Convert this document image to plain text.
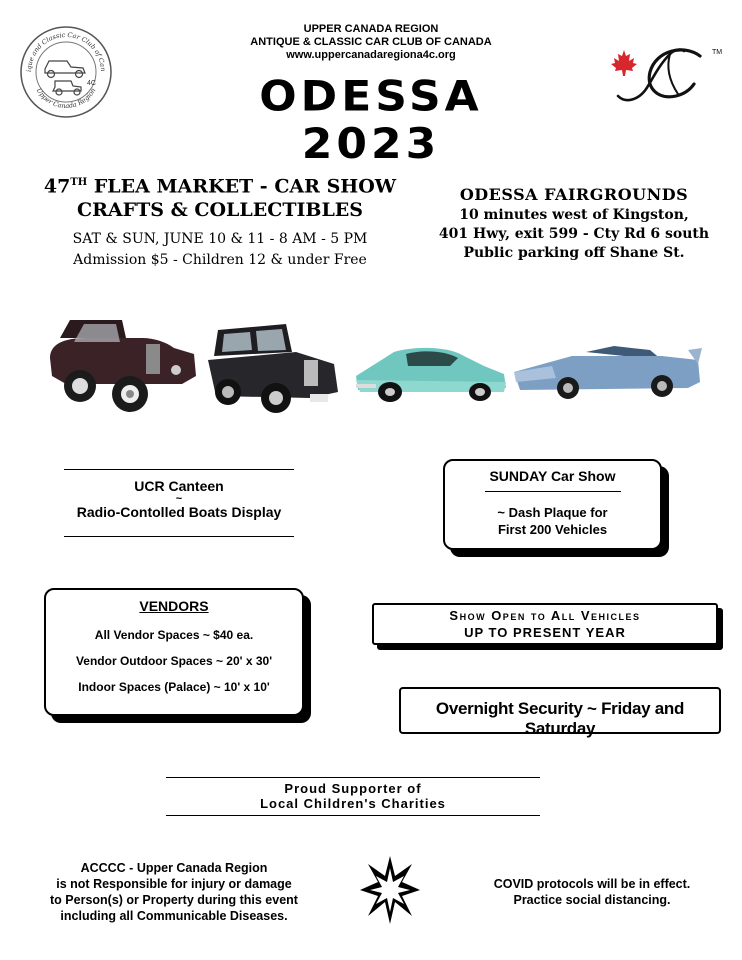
ique and Classic Car Club of Can
Upper Canada Region
4C
UPPER CANADA REGION
ANTIQUE & CLASSIC CAR CLUB OF CANADA
www.uppercanadaregiona4c.org
ODESSA 2023
TM
47TH FLEA MARKET - CAR SHOW
CRAFTS & COLLECTIBLES
SAT & SUN, JUNE 10 & 11 - 8 AM - 5 PM
Admission $5 - Children 12 & under Free
ODESSA FAIRGROUNDS
10 minutes west of Kingston,
401 Hwy, exit 599 - Cty Rd 6 south
Public parking off Shane St.
UCR Canteen
~
Radio-Contolled Boats Display
SUNDAY Car Show
~ Dash Plaque for
First 200 Vehicles
VENDORS
All Vendor Spaces ~ $40 ea.
Vendor Outdoor Spaces ~ 20' x 30'
Indoor Spaces (Palace) ~ 10' x 10'
Show Open to All Vehicles
UP TO PRESENT YEAR
Overnight Security ~ Friday and Saturday
Proud Supporter of
Local Children's Charities
ACCCC - Upper Canada Region
is not Responsible for injury or damage
to Person(s) or Property during this event
including all Communicable Diseases.
COVID protocols will be in effect.
Practice social distancing.
